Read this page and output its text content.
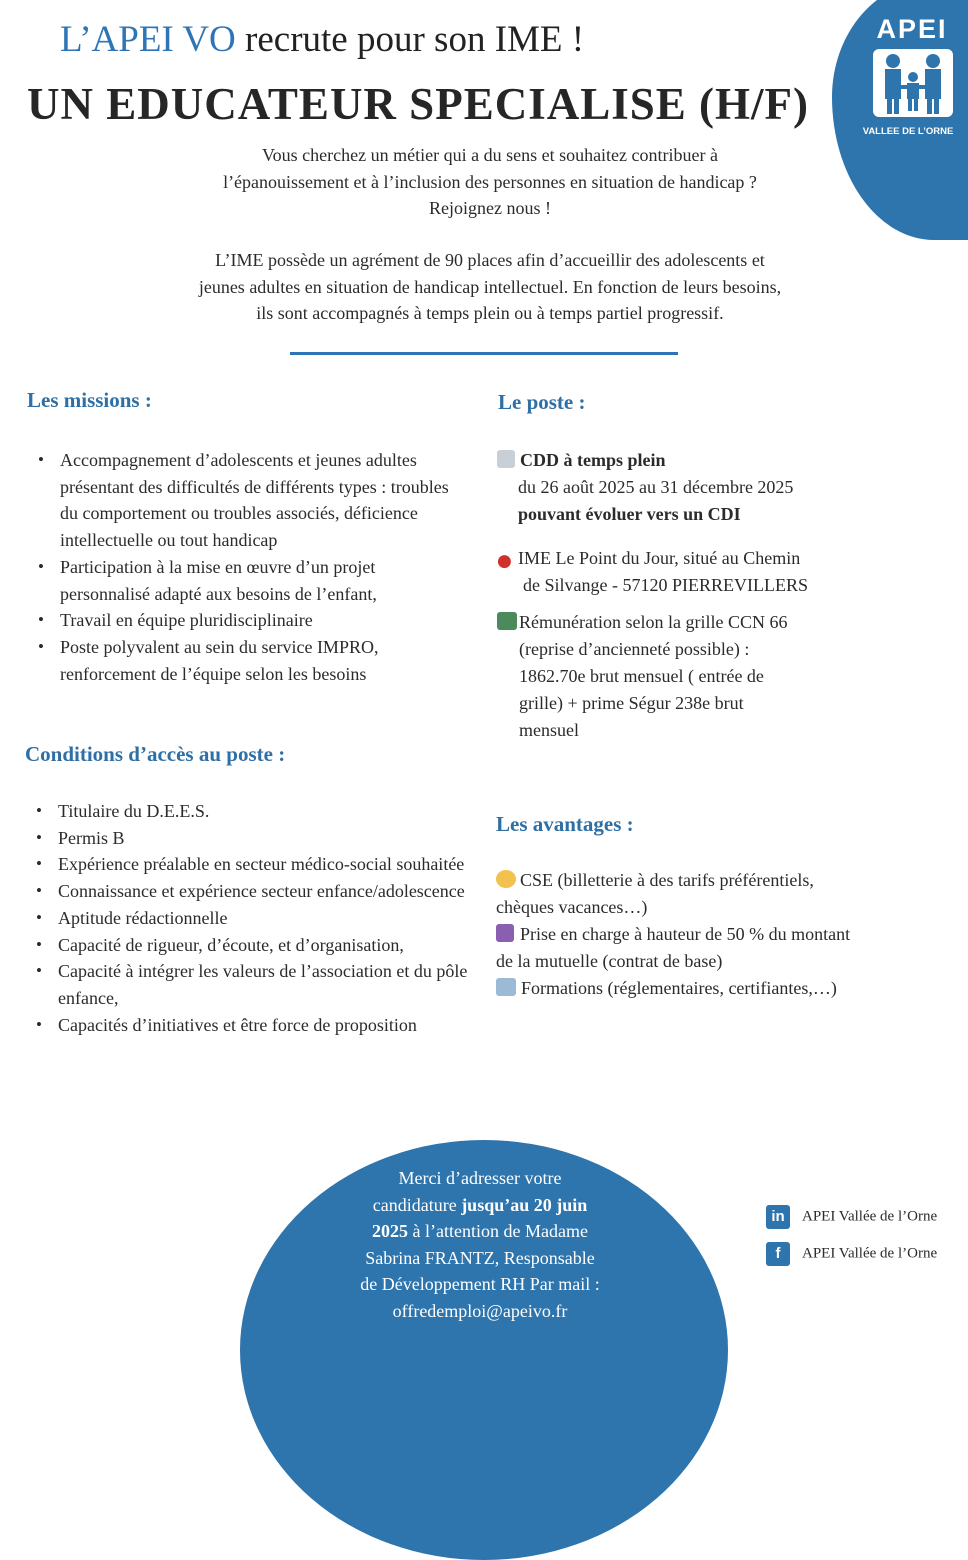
APEI
VALLEE DE L’ORNE
L’APEI VO recrute pour son IME !
UN EDUCATEUR SPECIALISE (H/F)
Vous cherchez un métier qui a du sens et souhaitez contribuer à
l’épanouissement et à l’inclusion des personnes en situation de handicap ?
Rejoignez nous !
L’IME possède un agrément de 90 places afin d’accueillir des adolescents et
jeunes adultes en situation de handicap intellectuel. En fonction de leurs besoins,
ils sont accompagnés à temps plein ou à temps partiel progressif.
Les missions :
• Accompagnement d’adolescents et jeunes adultes présentant des difficultés de différents types : troubles du comportement ou troubles associés, déficience intellectuelle ou tout handicap
• Participation à la mise en œuvre d’un projet personnalisé adapté aux besoins de l’enfant,
• Travail en équipe pluridisciplinaire
• Poste polyvalent au sein du service IMPRO, renforcement de l’équipe selon les besoins
Conditions d’accès au poste :
• Titulaire du D.E.E.S.
• Permis B
• Expérience préalable en secteur médico-social souhaitée
• Connaissance et expérience secteur enfance/adolescence
• Aptitude rédactionnelle
• Capacité de rigueur, d’écoute, et d’organisation,
• Capacité à intégrer les valeurs de l’association et du pôle enfance,
• Capacités d’initiatives et être force de proposition
Le poste :
CDD à temps plein
du 26 août 2025 au 31 décembre 2025
pouvant évoluer vers un CDI
● IME Le Point du Jour, situé au Chemin
de Silvange - 57120 PIERREVILLERS
Rémunération selon la grille CCN 66
(reprise d’ancienneté possible) :
1862.70e brut mensuel ( entrée de
grille) + prime Ségur 238e brut
mensuel
Les avantages :
CSE (billetterie à des tarifs préférentiels,
chèques vacances…)
Prise en charge à hauteur de 50 % du montant
de la mutuelle (contrat de base)
Formations (réglementaires, certifiantes,…)
Merci d’adresser votre
candidature jusqu’au 20 juin
2025 à l’attention de Madame
Sabrina FRANTZ, Responsable
de Développement RH Par mail :
offredemploi@apeivo.fr
in APEI Vallée de l’Orne
f APEI Vallée de l’Orne
